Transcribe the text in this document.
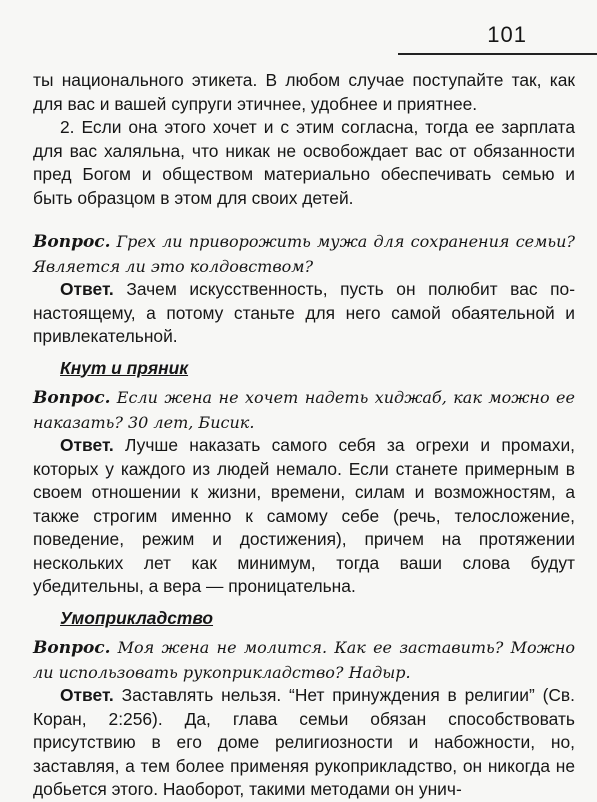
101

ты национального этикета. В любом случае поступайте так, как для вас и вашей супруги этичнее, удобнее и приятнее.

2. Если она этого хочет и с этим согласна, тогда ее зарплата для вас халяльна, что никак не освобождает вас от обязанности пред Богом и обществом материально обеспечивать семью и быть образцом в этом для своих детей.

Вопрос. Грех ли приворожить мужа для сохранения семьи? Является ли это колдовством?

Ответ. Зачем искусственность, пусть он полюбит вас по-настоящему, а потому станьте для него самой обаятельной и привлекательной.

Кнут и пряник

Вопрос. Если жена не хочет надеть хиджаб, как можно ее наказать? 30 лет, Бисик.

Ответ. Лучше наказать самого себя за огрехи и промахи, которых у каждого из людей немало. Если станете примерным в своем отношении к жизни, времени, силам и возможностям, а также строгим именно к самому себе (речь, телосложение, поведение, режим и достижения), причем на протяжении нескольких лет как минимум, тогда ваши слова будут убедительны, а вера — проницательна.

Умоприкладство

Вопрос. Моя жена не молится. Как ее заставить? Можно ли использовать рукоприкладство? Надыр.

Ответ. Заставлять нельзя. “Нет принуждения в религии” (Св. Коран, 2:256). Да, глава семьи обязан способствовать присутствию в его доме религиозности и набожности, но, заставляя, а тем более применяя рукоприкладство, он никогда не добьется этого. Наоборот, такими методами он унич-
